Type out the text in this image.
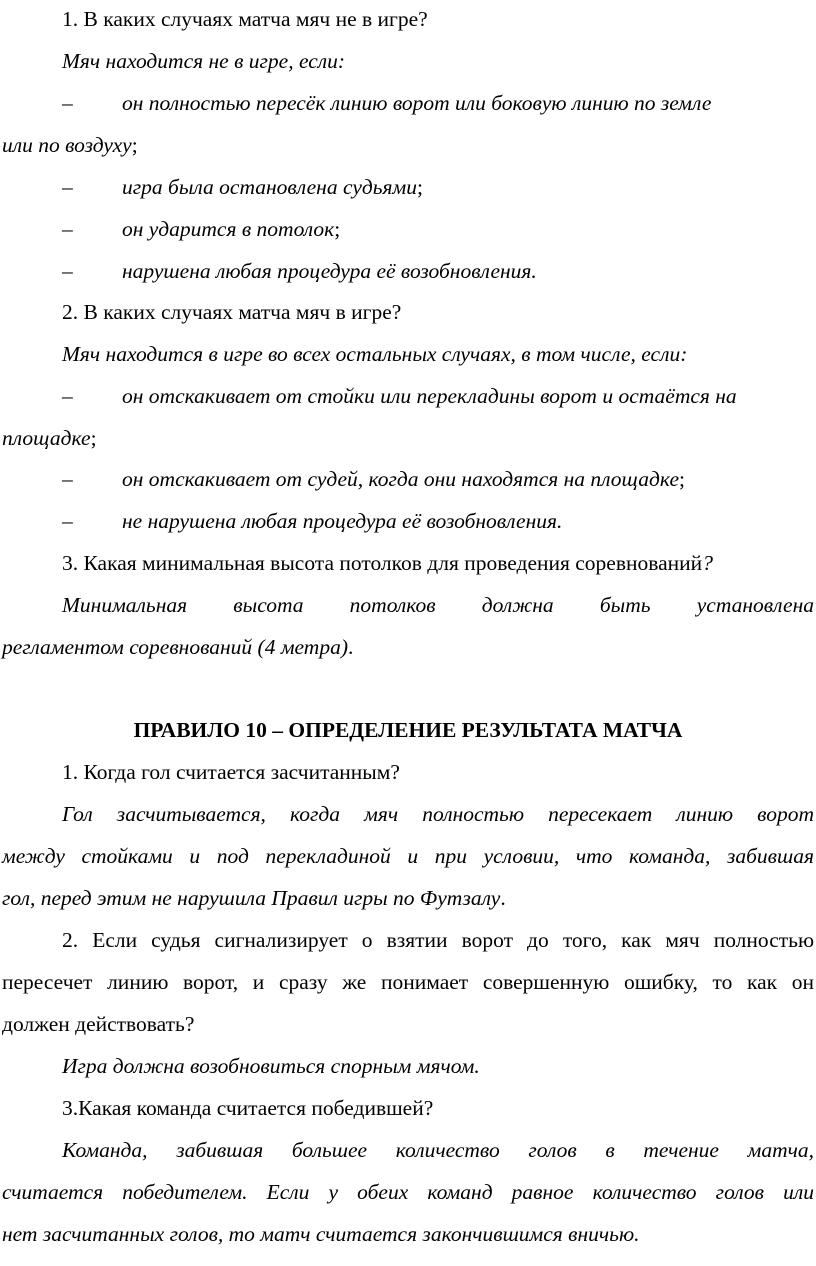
1. В каких случаях матча мяч не в игре?
Мяч находится не в игре, если:
– он полностью пересёк линию ворот или боковую линию по земле
или по воздуху;
– игра была остановлена судьями;
– он ударится в потолок;
– нарушена любая процедура её возобновления.
2. В каких случаях матча мяч в игре?
Мяч находится в игре во всех остальных случаях, в том числе, если:
– он отскакивает от стойки или перекладины ворот и остаётся на
площадке;
– он отскакивает от судей, когда они находятся на площадке;
– не нарушена любая процедура её возобновления.
3. Какая минимальная высота потолков для проведения соревнований?
Минимальная высота потолков должна быть установлена
регламентом соревнований (4 метра).
ПРАВИЛО 10 – ОПРЕДЕЛЕНИЕ РЕЗУЛЬТАТА МАТЧА
1. Когда гол считается засчитанным?
Гол засчитывается, когда мяч полностью пересекает линию ворот
между стойками и под перекладиной и при условии, что команда, забившая
гол, перед этим не нарушила Правил игры по Футзалу.
2. Если судья сигнализирует о взятии ворот до того, как мяч полностью
пересечет линию ворот, и сразу же понимает совершенную ошибку, то как он
должен действовать?
Игра должна возобновиться спорным мячом.
3.Какая команда считается победившей?
Команда, забившая большее количество голов в течение матча,
считается победителем. Если у обеих команд равное количество голов или
нет засчитанных голов, то матч считается закончившимся вничью.
